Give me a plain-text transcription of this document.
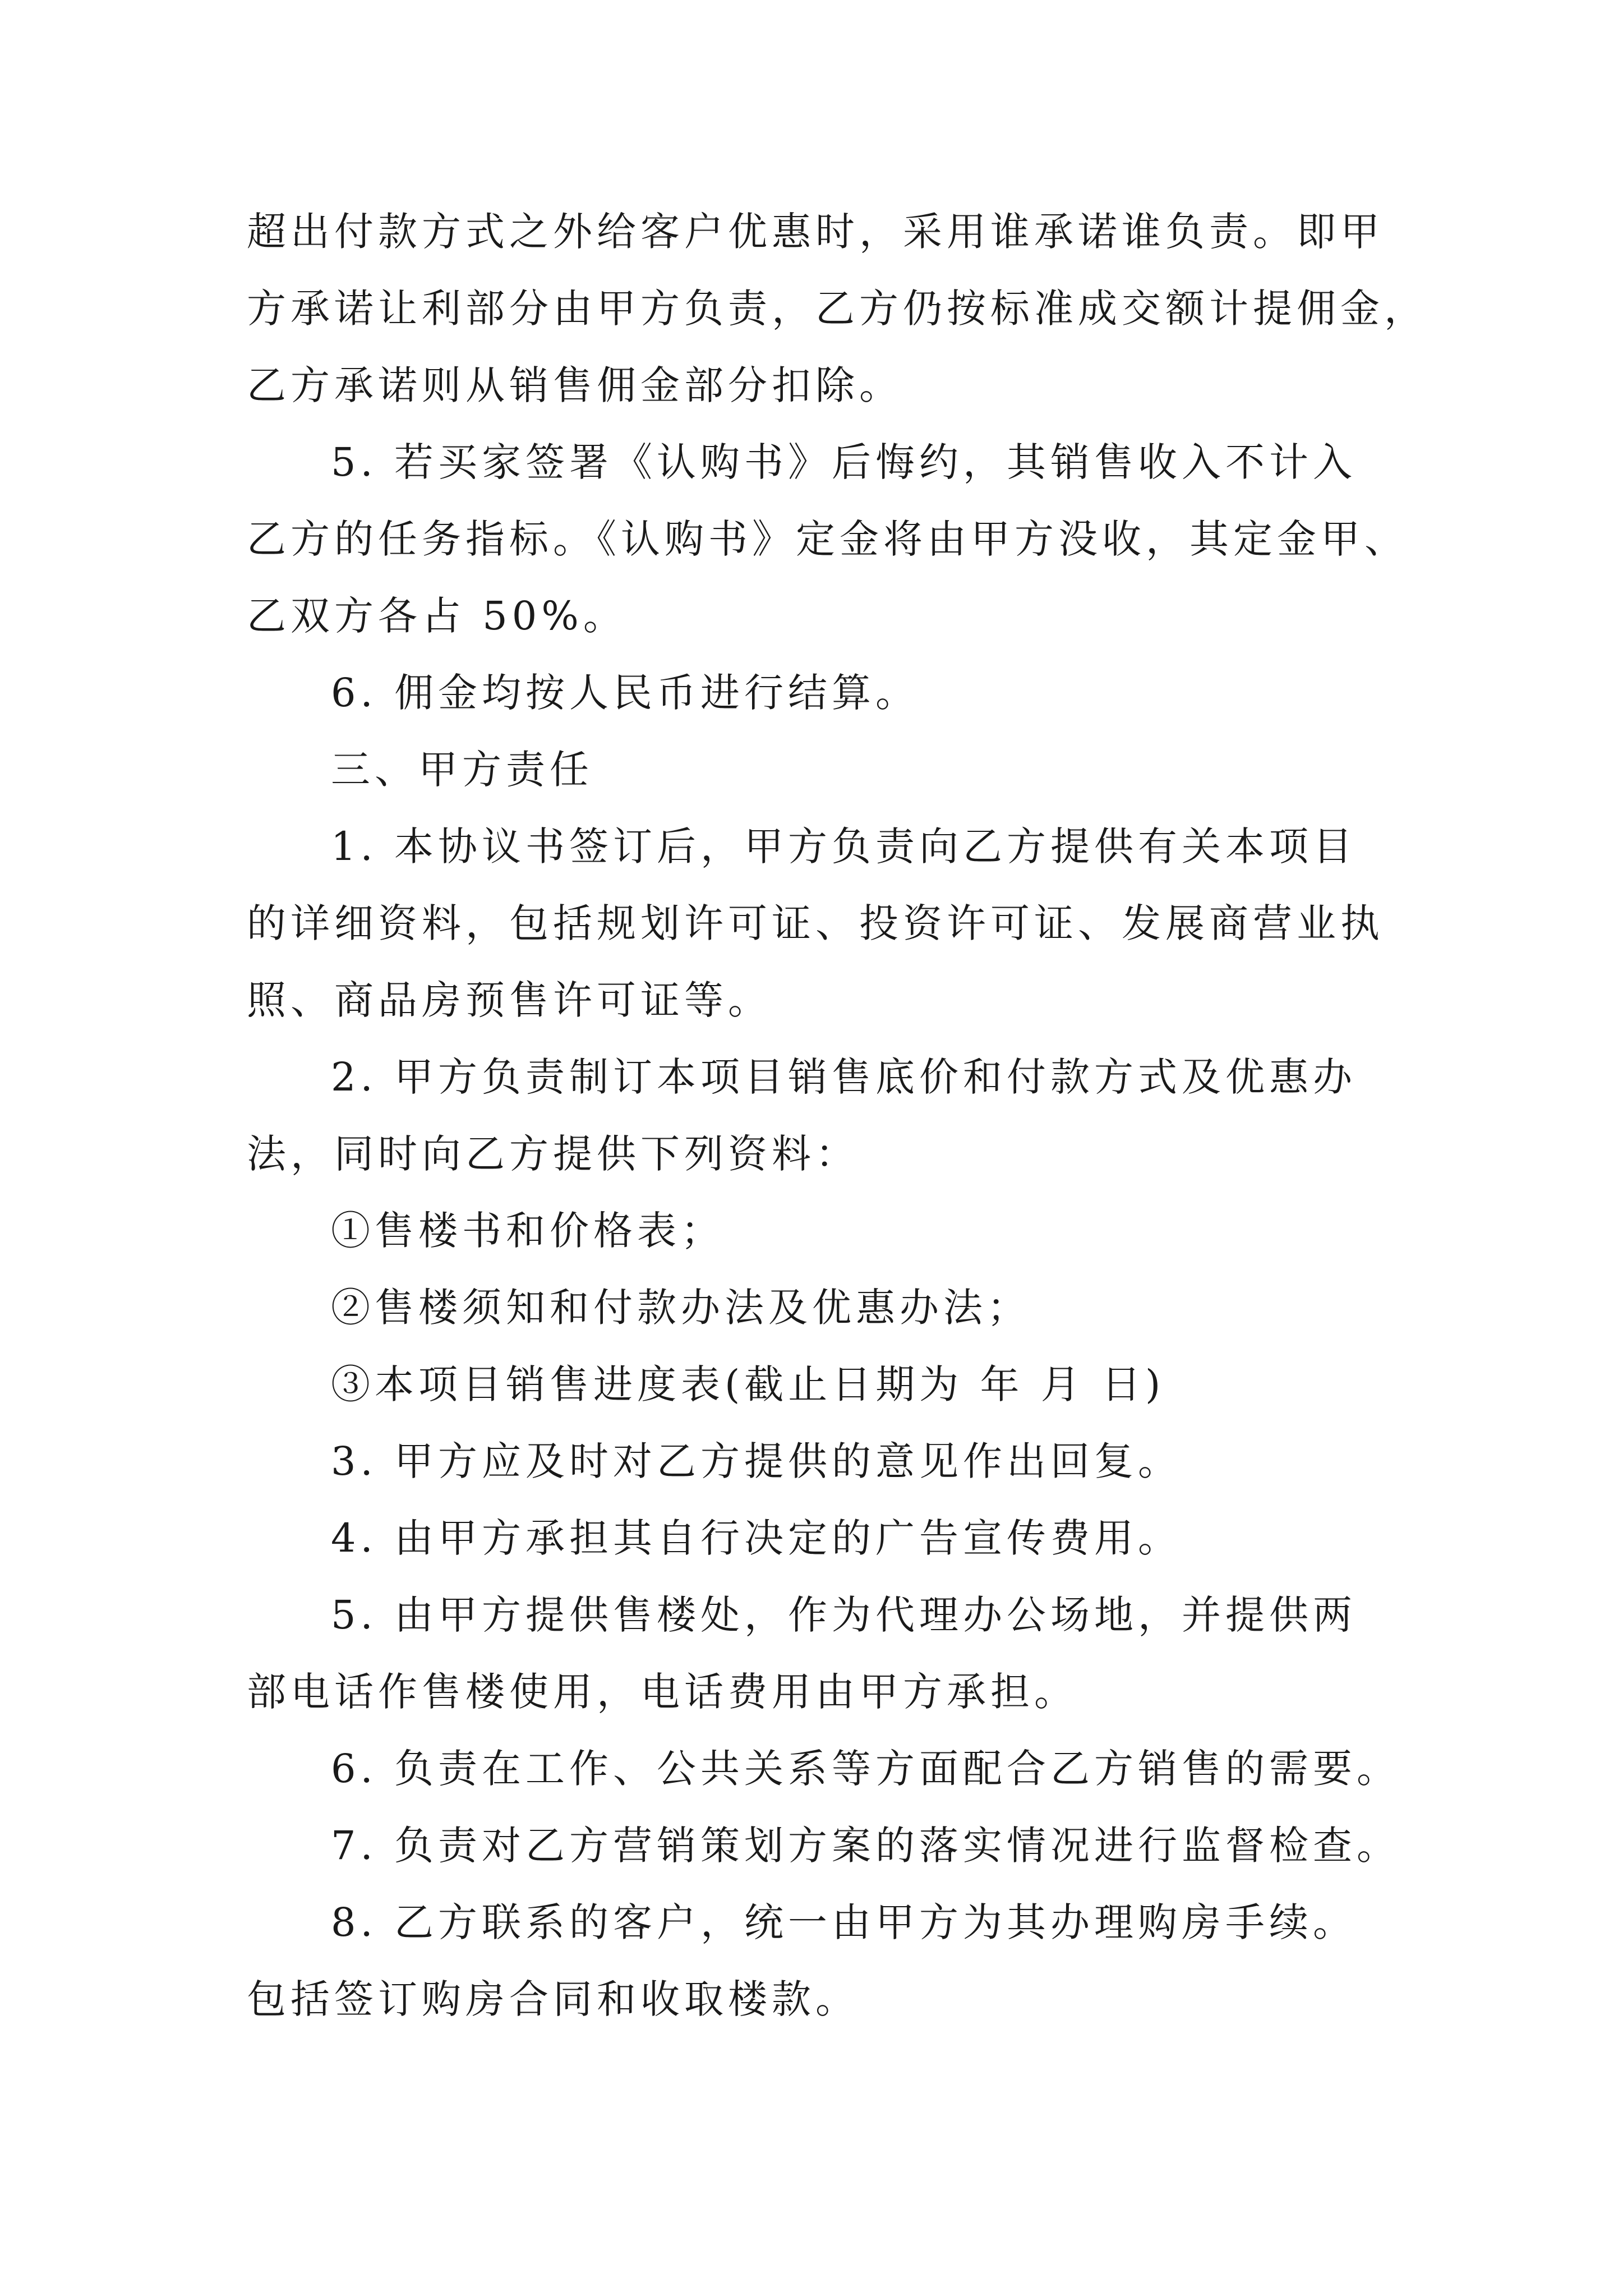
超出付款方式之外给客户优惠时，采用谁承诺谁负责。即甲
方承诺让利部分由甲方负责，乙方仍按标准成交额计提佣金，
乙方承诺则从销售佣金部分扣除。
5. 若买家签署《认购书》后悔约，其销售收入不计入
乙方的任务指标。《认购书》定金将由甲方没收，其定金甲、
乙双方各占 50%。
6. 佣金均按人民币进行结算。
三、甲方责任
1. 本协议书签订后，甲方负责向乙方提供有关本项目
的详细资料，包括规划许可证、投资许可证、发展商营业执
照、商品房预售许可证等。
2. 甲方负责制订本项目销售底价和付款方式及优惠办
法，同时向乙方提供下列资料：
①售楼书和价格表；
②售楼须知和付款办法及优惠办法；
③本项目销售进度表(截止日期为 年 月 日)
3. 甲方应及时对乙方提供的意见作出回复。
4. 由甲方承担其自行决定的广告宣传费用。
5. 由甲方提供售楼处，作为代理办公场地，并提供两
部电话作售楼使用，电话费用由甲方承担。
6. 负责在工作、公共关系等方面配合乙方销售的需要。
7. 负责对乙方营销策划方案的落实情况进行监督检查。
8. 乙方联系的客户，统一由甲方为其办理购房手续。
包括签订购房合同和收取楼款。
